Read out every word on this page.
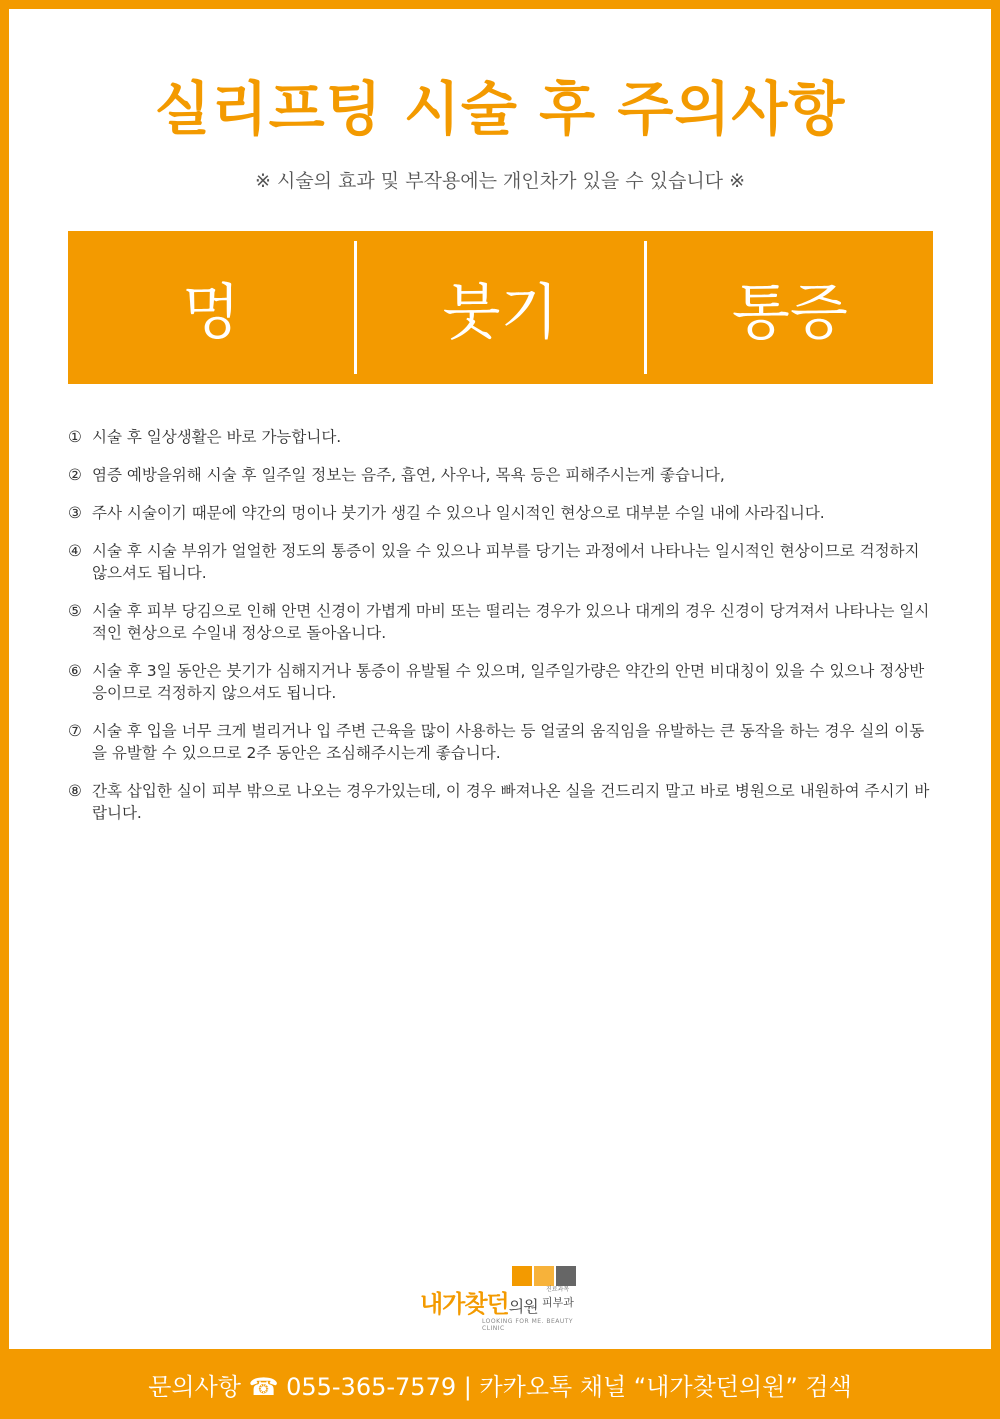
실리프팅 시술 후 주의사항
※ 시술의 효과 및 부작용에는 개인차가 있을 수 있습니다 ※
멍	붓기	통증
① 시술 후 일상생활은 바로 가능합니다.
② 염증 예방을위해 시술 후 일주일 정보는 음주, 흡연, 사우나, 목욕 등은 피해주시는게 좋습니다,
③ 주사 시술이기 때문에 약간의 멍이나 붓기가 생길 수 있으나 일시적인 현상으로 대부분 수일 내에 사라집니다.
④ 시술 후 시술 부위가 얼얼한 정도의 통증이 있을 수 있으나 피부를 당기는 과정에서 나타나는 일시적인 현상이므로 걱정하지 않으셔도 됩니다.
⑤ 시술 후 피부 당김으로 인해 안면 신경이 가볍게 마비 또는 떨리는 경우가 있으나 대게의 경우 신경이 당겨져서 나타나는 일시적인 현상으로 수일내 정상으로 돌아옵니다.
⑥ 시술 후 3일 동안은 붓기가 심해지거나 통증이 유발될 수 있으며, 일주일가량은 약간의 안면 비대칭이 있을 수 있으나 정상반응이므로 걱정하지 않으셔도 됩니다.
⑦ 시술 후 입을 너무 크게 벌리거나 입 주변 근육을 많이 사용하는 등 얼굴의 움직임을 유발하는 큰 동작을 하는 경우 실의 이동을 유발할 수 있으므로 2주 동안은 조심해주시는게 좋습니다.
⑧ 간혹 삽입한 실이 피부 밖으로 나오는 경우가있는데, 이 경우 빠져나온 실을 건드리지 말고 바로 병원으로 내원하여 주시기 바랍니다.
내가찾던의원
진료과목
피부과
LOOKING FOR ME. BEAUTY CLINIC
문의사항 ☎ 055-365-7579 | 카카오톡 채널 “내가찾던의원” 검색
